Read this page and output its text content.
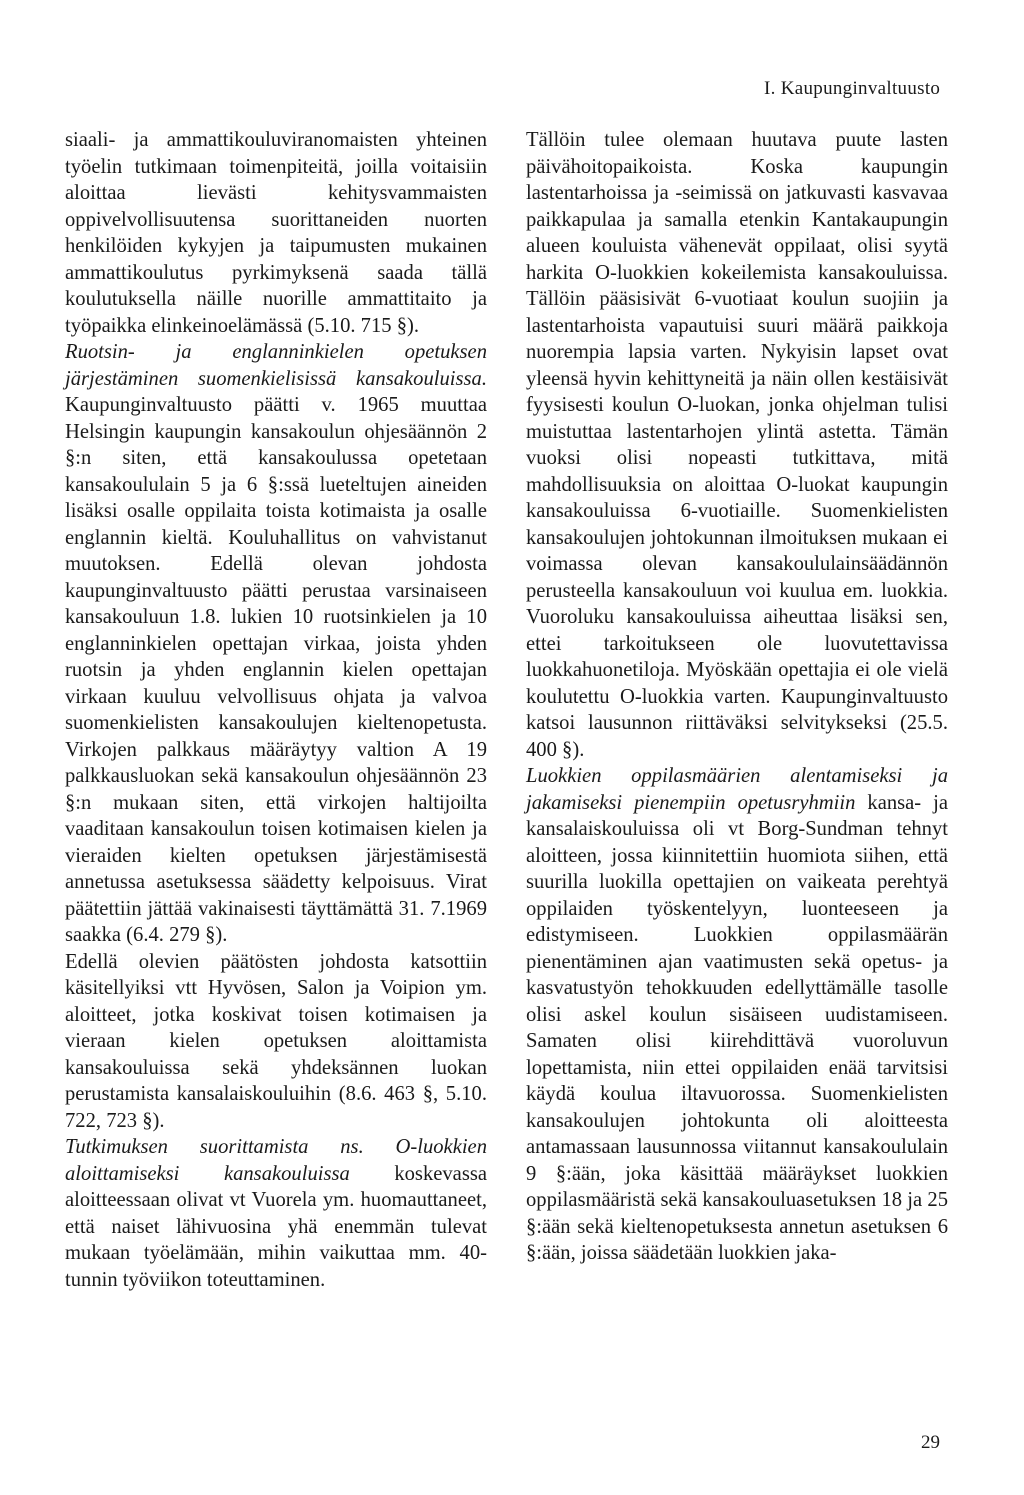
I. Kaupunginvaltuusto

siaali- ja ammattikouluviranomaisten yhteinen työelin tutkimaan toimenpiteitä, joilla voitaisiin aloittaa lievästi kehitysvammaisten oppivelvollisuutensa suorittaneiden nuorten henkilöiden kykyjen ja taipumusten mukainen ammattikoulutus pyrkimyksenä saada tällä koulutuksella näille nuorille ammattitaito ja työpaikka elinkeinoelämässä (5.10. 715 §).

Ruotsin- ja englanninkielen opetuksen järjestäminen suomenkielisissä kansakouluissa. Kaupunginvaltuusto päätti v. 1965 muuttaa Helsingin kaupungin kansakoulun ohjesäännön 2 §:n siten, että kansakoulussa opetetaan kansakoululain 5 ja 6 §:ssä lueteltujen aineiden lisäksi osalle oppilaita toista kotimaista ja osalle englannin kieltä. Kouluhallitus on vahvistanut muutoksen. Edellä olevan johdosta kaupunginvaltuusto päätti perustaa varsinaiseen kansakouluun 1.8. lukien 10 ruotsinkielen ja 10 englanninkielen opettajan virkaa, joista yhden ruotsin ja yhden englannin kielen opettajan virkaan kuuluu velvollisuus ohjata ja valvoa suomenkielisten kansakoulujen kieltenopetusta. Virkojen palkkaus määräytyy valtion A 19 palkkausluokan sekä kansakoulun ohjesäännön 23 §:n mukaan siten, että virkojen haltijoilta vaaditaan kansakoulun toisen kotimaisen kielen ja vieraiden kielten opetuksen järjestämisestä annetussa asetuksessa säädetty kelpoisuus. Virat päätettiin jättää vakinaisesti täyttämättä 31. 7.1969 saakka (6.4. 279 §).

Edellä olevien päätösten johdosta katsottiin käsitellyiksi vtt Hyvösen, Salon ja Voipion ym. aloitteet, jotka koskivat toisen kotimaisen ja vieraan kielen opetuksen aloittamista kansakouluissa sekä yhdeksännen luokan perustamista kansalaiskouluihin (8.6. 463 §, 5.10. 722, 723 §).

Tutkimuksen suorittamista ns. O-luokkien aloittamiseksi kansakouluissa koskevassa aloitteessaan olivat vt Vuorela ym. huomauttaneet, että naiset lähivuosina yhä enemmän tulevat mukaan työelämään, mihin vaikuttaa mm. 40-tunnin työviikon toteuttaminen.

Tällöin tulee olemaan huutava puute lasten päivähoitopaikoista. Koska kaupungin lastentarhoissa ja -seimissä on jatkuvasti kasvavaa paikkapulaa ja samalla etenkin Kantakaupungin alueen kouluista vähenevät oppilaat, olisi syytä harkita O-luokkien kokeilemista kansakouluissa. Tällöin pääsisivät 6-vuotiaat koulun suojiin ja lastentarhoista vapautuisi suuri määrä paikkoja nuorempia lapsia varten. Nykyisin lapset ovat yleensä hyvin kehittyneitä ja näin ollen kestäisivät fyysisesti koulun O-luokan, jonka ohjelman tulisi muistuttaa lastentarhojen ylintä astetta. Tämän vuoksi olisi nopeasti tutkittava, mitä mahdollisuuksia on aloittaa O-luokat kaupungin kansakouluissa 6-vuotiaille. Suomenkielisten kansakoulujen johtokunnan ilmoituksen mukaan ei voimassa olevan kansakoululainsäädännön perusteella kansakouluun voi kuulua em. luokkia. Vuoroluku kansakouluissa aiheuttaa lisäksi sen, ettei tarkoitukseen ole luovutettavissa luokkahuonetiloja. Myöskään opettajia ei ole vielä koulutettu O-luokkia varten. Kaupunginvaltuusto katsoi lausunnon riittäväksi selvitykseksi (25.5. 400 §).

Luokkien oppilasmäärien alentamiseksi ja jakamiseksi pienempiin opetusryhmiin kansa- ja kansalaiskouluissa oli vt Borg-Sundman tehnyt aloitteen, jossa kiinnitettiin huomiota siihen, että suurilla luokilla opettajien on vaikeata perehtyä oppilaiden työskentelyyn, luonteeseen ja edistymiseen. Luokkien oppilasmäärän pienentäminen ajan vaatimusten sekä opetus- ja kasvatustyön tehokkuuden edellyttämälle tasolle olisi askel koulun sisäiseen uudistamiseen. Samaten olisi kiirehdittävä vuoroluvun lopettamista, niin ettei oppilaiden enää tarvitsisi käydä koulua iltavuorossa. Suomenkielisten kansakoulujen johtokunta oli aloitteesta antamassaan lausunnossa viitannut kansakoululain 9 §:ään, joka käsittää määräykset luokkien oppilasmääristä sekä kansakouluasetuksen 18 ja 25 §:ään sekä kieltenopetuksesta annetun asetuksen 6 §:ään, joissa säädetään luokkien jaka-

29
